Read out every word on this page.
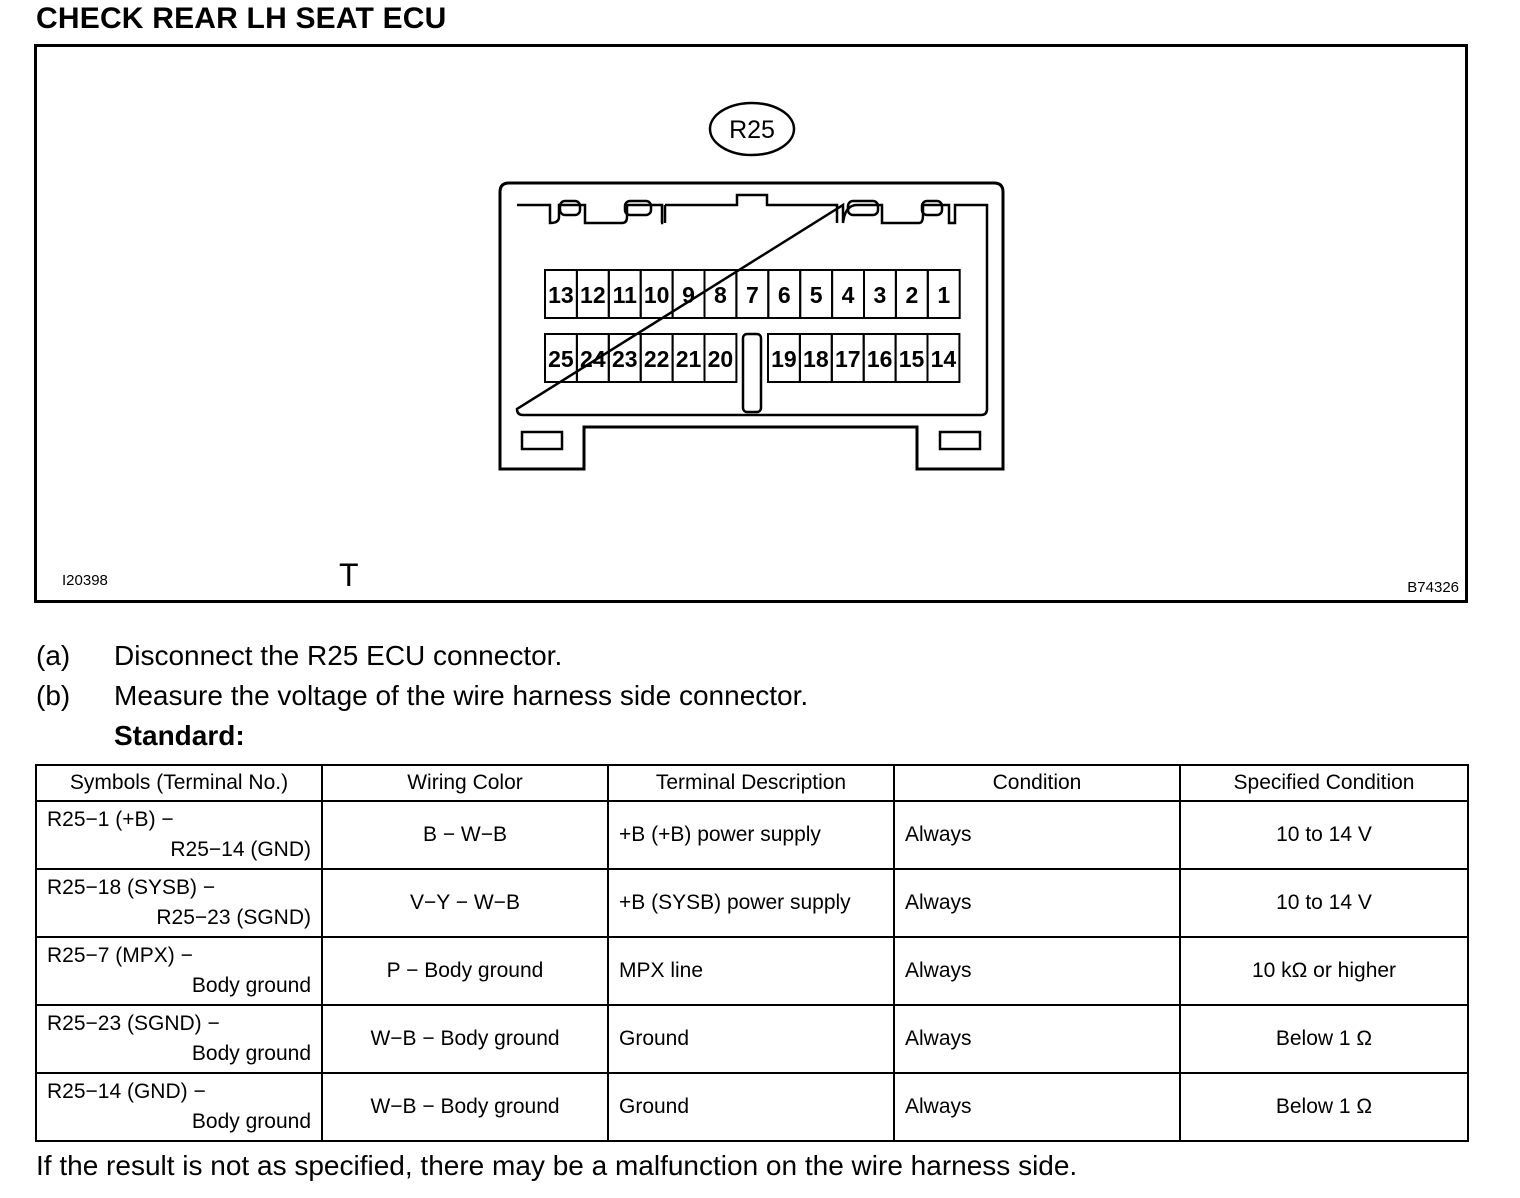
CHECK REAR LH SEAT ECU
R25
13 12 11 10 9 8 7 6 5 4 3 2 1
25 24 23 22 21 20 19 18 17 16 15 14
I20398	T	B74326
(a) Disconnect the R25 ECU connector.
(b) Measure the voltage of the wire harness side connector.
Standard:
Symbols (Terminal No.)	Wiring Color	Terminal Description	Condition	Specified Condition

R25−1 (+B) −
R25−14 (GND)	B − W−B	+B (+B) power supply	Always	10 to 14 V

R25−18 (SYSB) −
R25−23 (SGND)	V−Y − W−B	+B (SYSB) power supply	Always	10 to 14 V

R25−7 (MPX) −
Body ground	P − Body ground	MPX line	Always	10 kΩ or higher

R25−23 (SGND) −
Body ground	W−B − Body ground	Ground	Always	Below 1 Ω

R25−14 (GND) −
Body ground	W−B − Body ground	Ground	Always	Below 1 Ω
If the result is not as specified, there may be a malfunction on the wire harness side.
